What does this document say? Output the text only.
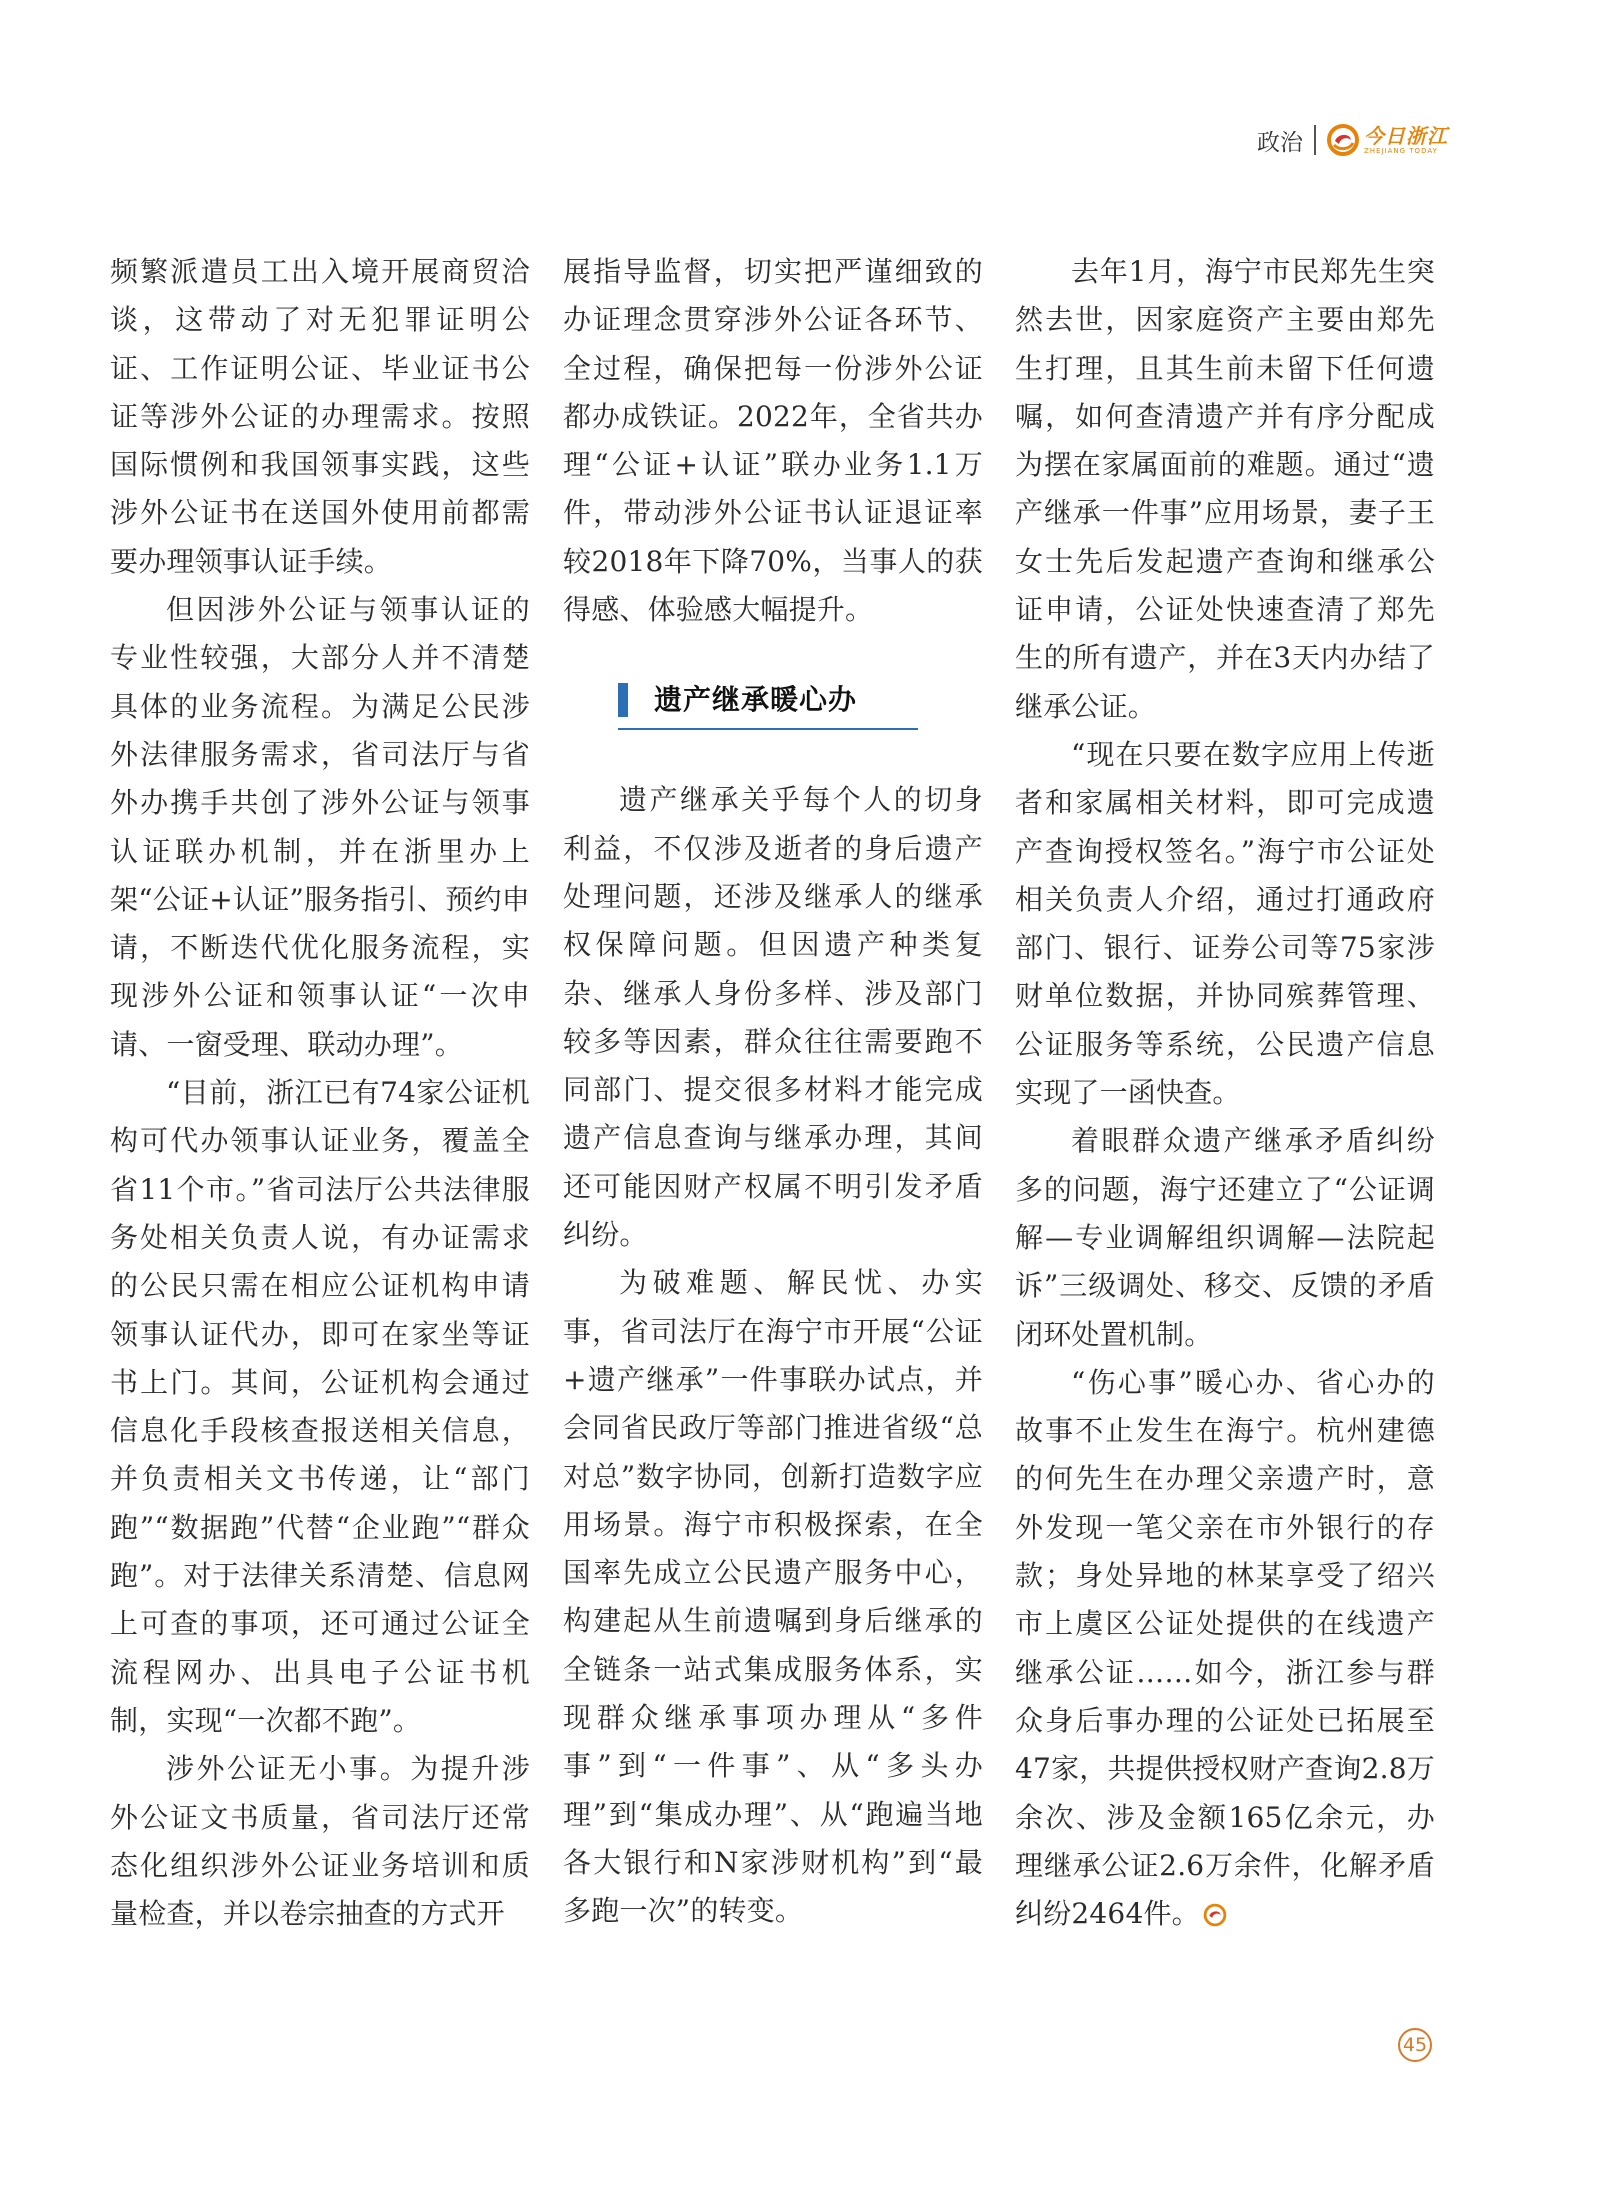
政治	今日浙江
ZHEJIANG TODAY

频繁派遣员工出入境开展商贸洽谈，这带动了对无犯罪证明公证、工作证明公证、毕业证书公证等涉外公证的办理需求。按照国际惯例和我国领事实践，这些涉外公证书在送国外使用前都需要办理领事认证手续。

但因涉外公证与领事认证的专业性较强，大部分人并不清楚具体的业务流程。为满足公民涉外法律服务需求，省司法厅与省外办携手共创了涉外公证与领事认证联办机制，并在浙里办上架“公证+认证”服务指引、预约申请，不断迭代优化服务流程，实现涉外公证和领事认证“一次申请、一窗受理、联动办理”。

“目前，浙江已有74家公证机构可代办领事认证业务，覆盖全省11个市。”省司法厅公共法律服务处相关负责人说，有办证需求的公民只需在相应公证机构申请领事认证代办，即可在家坐等证书上门。其间，公证机构会通过信息化手段核查报送相关信息，并负责相关文书传递，让“部门跑”“数据跑”代替“企业跑”“群众跑”。对于法律关系清楚、信息网上可查的事项，还可通过公证全流程网办、出具电子公证书机制，实现“一次都不跑”。

涉外公证无小事。为提升涉外公证文书质量，省司法厅还常态化组织涉外公证业务培训和质量检查，并以卷宗抽查的方式开

展指导监督，切实把严谨细致的办证理念贯穿涉外公证各环节、全过程，确保把每一份涉外公证都办成铁证。2022年，全省共办理“公证+认证”联办业务1.1万件，带动涉外公证书认证退证率较2018年下降70%，当事人的获得感、体验感大幅提升。

遗产继承暖心办

遗产继承关乎每个人的切身利益，不仅涉及逝者的身后遗产处理问题，还涉及继承人的继承权保障问题。但因遗产种类复杂、继承人身份多样、涉及部门较多等因素，群众往往需要跑不同部门、提交很多材料才能完成遗产信息查询与继承办理，其间还可能因财产权属不明引发矛盾纠纷。

为破难题、解民忧、办实事，省司法厅在海宁市开展“公证+遗产继承”一件事联办试点，并会同省民政厅等部门推进省级“总对总”数字协同，创新打造数字应用场景。海宁市积极探索，在全国率先成立公民遗产服务中心，构建起从生前遗嘱到身后继承的全链条一站式集成服务体系，实现群众继承事项办理从“多件事”到“一件事”、从“多头办理”到“集成办理”、从“跑遍当地各大银行和N家涉财机构”到“最多跑一次”的转变。

去年1月，海宁市民郑先生突然去世，因家庭资产主要由郑先生打理，且其生前未留下任何遗嘱，如何查清遗产并有序分配成为摆在家属面前的难题。通过“遗产继承一件事”应用场景，妻子王女士先后发起遗产查询和继承公证申请，公证处快速查清了郑先生的所有遗产，并在3天内办结了继承公证。

“现在只要在数字应用上传逝者和家属相关材料，即可完成遗产查询授权签名。”海宁市公证处相关负责人介绍，通过打通政府部门、银行、证券公司等75家涉财单位数据，并协同殡葬管理、公证服务等系统，公民遗产信息实现了一函快查。

着眼群众遗产继承矛盾纠纷多的问题，海宁还建立了“公证调解—专业调解组织调解—法院起诉”三级调处、移交、反馈的矛盾闭环处置机制。

“伤心事”暖心办、省心办的故事不止发生在海宁。杭州建德的何先生在办理父亲遗产时，意外发现一笔父亲在市外银行的存款；身处异地的林某享受了绍兴市上虞区公证处提供的在线遗产继承公证……如今，浙江参与群众身后事办理的公证处已拓展至47家，共提供授权财产查询2.8万余次、涉及金额165亿余元，办理继承公证2.6万余件，化解矛盾纠纷2464件。

45
